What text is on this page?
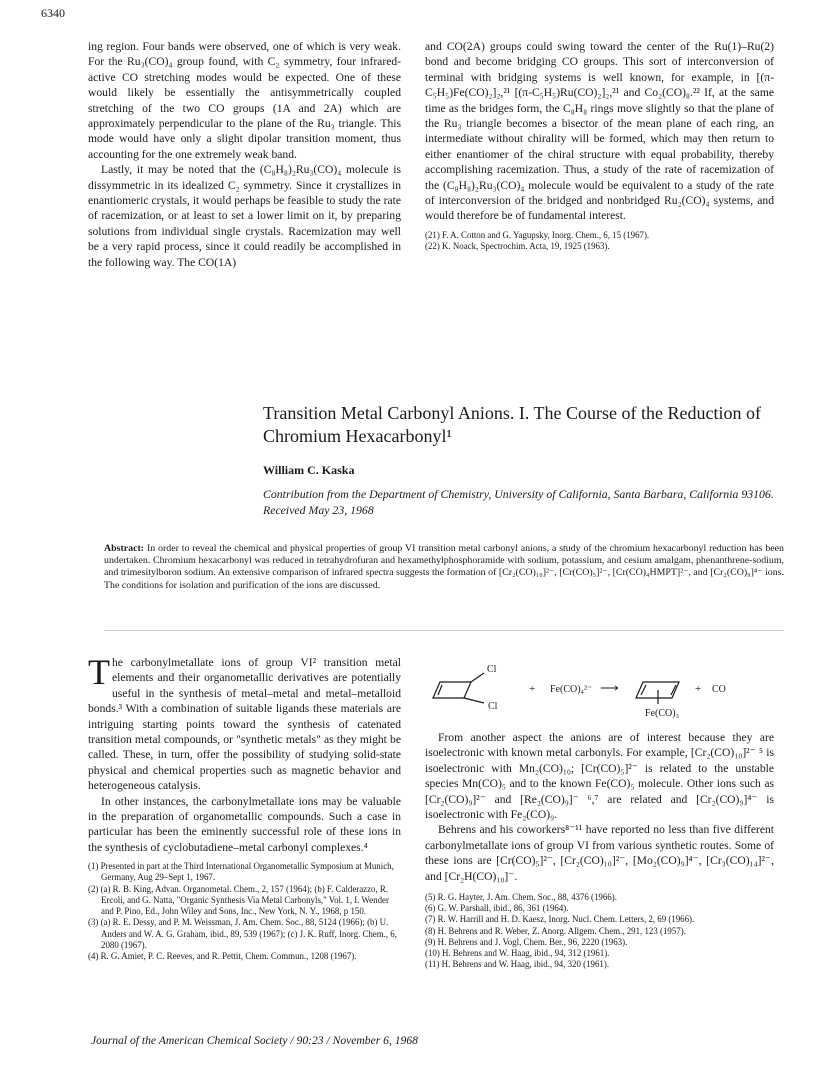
6340

ing region. Four bands were observed, one of which is very weak. For the Ru₃(CO)₄ group found, with C₂ symmetry, four infrared-active CO stretching modes would be expected. One of these would likely be essentially the antisymmetrically coupled stretching of the two CO groups (1A and 2A) which are approximately perpendicular to the plane of the Ru₃ triangle. This mode would have only a slight dipolar transition moment, thus accounting for the one extremely weak band.

Lastly, it may be noted that the (C₈H₈)₂Ru₃(CO)₄ molecule is dissymmetric in its idealized C₂ symmetry. Since it crystallizes in enantiomeric crystals, it would perhaps be feasible to study the rate of racemization, or at least to set a lower limit on it, by preparing solutions from individual single crystals. Racemization may well be a very rapid process, since it could readily be accomplished in the following way. The CO(1A)

and CO(2A) groups could swing toward the center of the Ru(1)–Ru(2) bond and become bridging CO groups. This sort of interconversion of terminal with bridging systems is well known, for example, in [(π-C₅H₅)Fe(CO)₂]₂,²¹ [(π-C₅H₅)Ru(CO)₂]₂,²¹ and Co₂(CO)₈.²² If, at the same time as the bridges form, the C₈H₈ rings move slightly so that the plane of the Ru₃ triangle becomes a bisector of the mean plane of each ring, an intermediate without chirality will be formed, which may then return to either enantiomer of the chiral structure with equal probability, thereby accomplishing racemization. Thus, a study of the rate of racemization of the (C₈H₈)₂Ru₃(CO)₄ molecule would be equivalent to a study of the rate of interconversion of the bridged and nonbridged Ru₂(CO)₄ systems, and would therefore be of fundamental interest.

(21) F. A. Cotton and G. Yagupsky, Inorg. Chem., 6, 15 (1967).
(22) K. Noack, Spectrochim. Acta, 19, 1925 (1963).
Transition Metal Carbonyl Anions. I. The Course of the Reduction of Chromium Hexacarbonyl¹
William C. Kaska
Contribution from the Department of Chemistry, University of California, Santa Barbara, California 93106. Received May 23, 1968
Abstract: In order to reveal the chemical and physical properties of group VI transition metal carbonyl anions, a study of the chromium hexacarbonyl reduction has been undertaken. Chromium hexacarbonyl was reduced in tetrahydrofuran and hexamethylphosphoramide with sodium, potassium, and cesium amalgam, phenanthrene-sodium, and trimesitylboron sodium. An extensive comparison of infrared spectra suggests the formation of [Cr₂(CO)₁₀]²⁻, [Cr(CO)₅]²⁻, [Cr(CO)₄HMPT]²⁻, and [Cr₂(CO)₉]⁴⁻ ions. The conditions for isolation and purification of the ions are discussed.

The carbonylmetallate ions of group VI² transition metal elements and their organometallic derivatives are potentially useful in the synthesis of metal–metal and metal–metalloid bonds.³ With a combination of suitable ligands these materials are intriguing starting points toward the synthesis of catenated transition metal compounds, or "synthetic metals" as they might be called. These, in turn, offer the possibility of studying solid-state physical and chemical properties such as magnetic behavior and heterogeneous catalysis.

In other instances, the carbonylmetallate ions may be valuable in the preparation of organometallic compounds. Such a case in particular has been the eminently successful role of these ions in the synthesis of cyclobutadiene–metal carbonyl complexes.⁴

(1) Presented in part at the Third International Organometallic Symposium at Munich, Germany, Aug 29–Sept 1, 1967.
(2) (a) R. B. King, Advan. Organometal. Chem., 2, 157 (1964); (b) F. Calderazzo, R. Ercoli, and G. Natta, "Organic Synthesis Via Metal Carbonyls," Vol. 1, I. Wender and P. Pino, Ed., John Wiley and Sons, Inc., New York, N. Y., 1968, p 150.
(3) (a) R. E. Dessy, and P. M. Weissman, J. Am. Chem. Soc., 88, 5124 (1966); (b) U. Anders and W. A. G. Graham, ibid., 89, 539 (1967); (c) J. K. Ruff, Inorg. Chem., 6, 2080 (1967).
(4) R. G. Amiet, P. C. Reeves, and R. Pettit, Chem. Commun., 1208 (1967).
Cl
Cl
+ Fe(CO)₄²⁻ ⟶
Fe(CO)₃
+ CO

From another aspect the anions are of interest because they are isoelectronic with known metal carbonyls. For example, [Cr₂(CO)₁₀]²⁻ ⁵ is isoelectronic with Mn₂(CO)₁₀; [Cr(CO)₅]²⁻ is related to the unstable species Mn(CO)₅ and to the known Fe(CO)₅ molecule. Other ions such as [Cr₂(CO)₉]²⁻ and [Re₂(CO)₉]⁻ ⁶,⁷ are related and [Cr₂(CO)₉]⁴⁻ is isoelectronic with Fe₂(CO)₉.

Behrens and his coworkers⁸⁻¹¹ have reported no less than five different carbonylmetallate ions of group VI from various synthetic routes. Some of these ions are [Cr(CO)₅]²⁻, [Cr₂(CO)₁₀]²⁻, [Mo₂(CO)₉]⁴⁻, [Cr₃(CO)₁₄]²⁻, and [Cr₂H(CO)₁₀]⁻.

(5) R. G. Hayter, J. Am. Chem. Soc., 88, 4376 (1966).
(6) G. W. Parshall, ibid., 86, 361 (1964).
(7) R. W. Harrill and H. D. Kaesz, Inorg. Nucl. Chem. Letters, 2, 69 (1966).
(8) H. Behrens and R. Weber, Z. Anorg. Allgem. Chem., 291, 123 (1957).
(9) H. Behrens and J. Vogl, Chem. Ber., 96, 2220 (1963).
(10) H. Behrens and W. Haag, ibid., 94, 312 (1961).
(11) H. Behrens and W. Haag, ibid., 94, 320 (1961).
Journal of the American Chemical Society / 90:23 / November 6, 1968
